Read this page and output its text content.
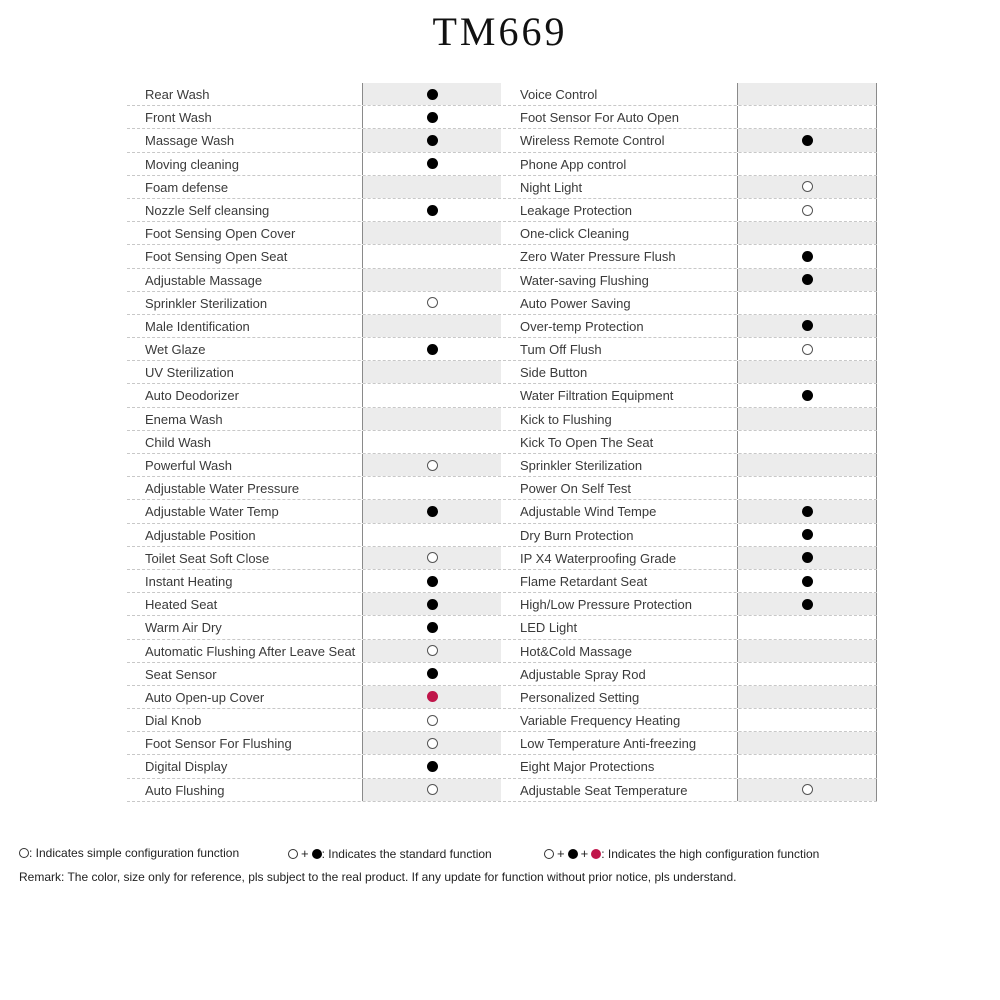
TM669
Rear Wash
Front Wash
Massage Wash
Moving cleaning
Foam defense
Nozzle Self cleansing
Foot Sensing Open Cover
Foot Sensing Open Seat
Adjustable Massage
Sprinkler Sterilization
Male Identification
Wet Glaze
UV Sterilization
Auto Deodorizer
Enema Wash
Child Wash
Powerful Wash
Adjustable Water Pressure
Adjustable Water Temp
Adjustable Position
Toilet Seat Soft Close
Instant Heating
Heated Seat
Warm Air Dry
Automatic Flushing After Leave Seat
Seat Sensor
Auto Open-up Cover
Dial Knob
Foot Sensor For Flushing
Digital Display
Auto Flushing
Voice Control
Foot Sensor For Auto Open
Wireless Remote Control
Phone App control
Night Light
Leakage Protection
One-click Cleaning
Zero Water Pressure Flush
Water-saving Flushing
Auto Power Saving
Over-temp Protection
Tum Off Flush
Side Button
Water Filtration Equipment
Kick to Flushing
Kick To Open The Seat
Sprinkler Sterilization
Power On Self Test
Adjustable Wind Tempe
Dry Burn Protection
IP X4 Waterproofing Grade
Flame Retardant Seat
High/Low Pressure Protection
LED Light
Hot&Cold Massage
Adjustable Spray Rod
Personalized Setting
Variable Frequency Heating
Low Temperature Anti-freezing
Eight Major Protections
Adjustable Seat Temperature
: Indicates simple configuration function	+ : Indicates the standard function	+ + : Indicates the high configuration function
Remark: The color, size only for reference, pls subject to the real product. If any update for function without prior notice, pls understand.
